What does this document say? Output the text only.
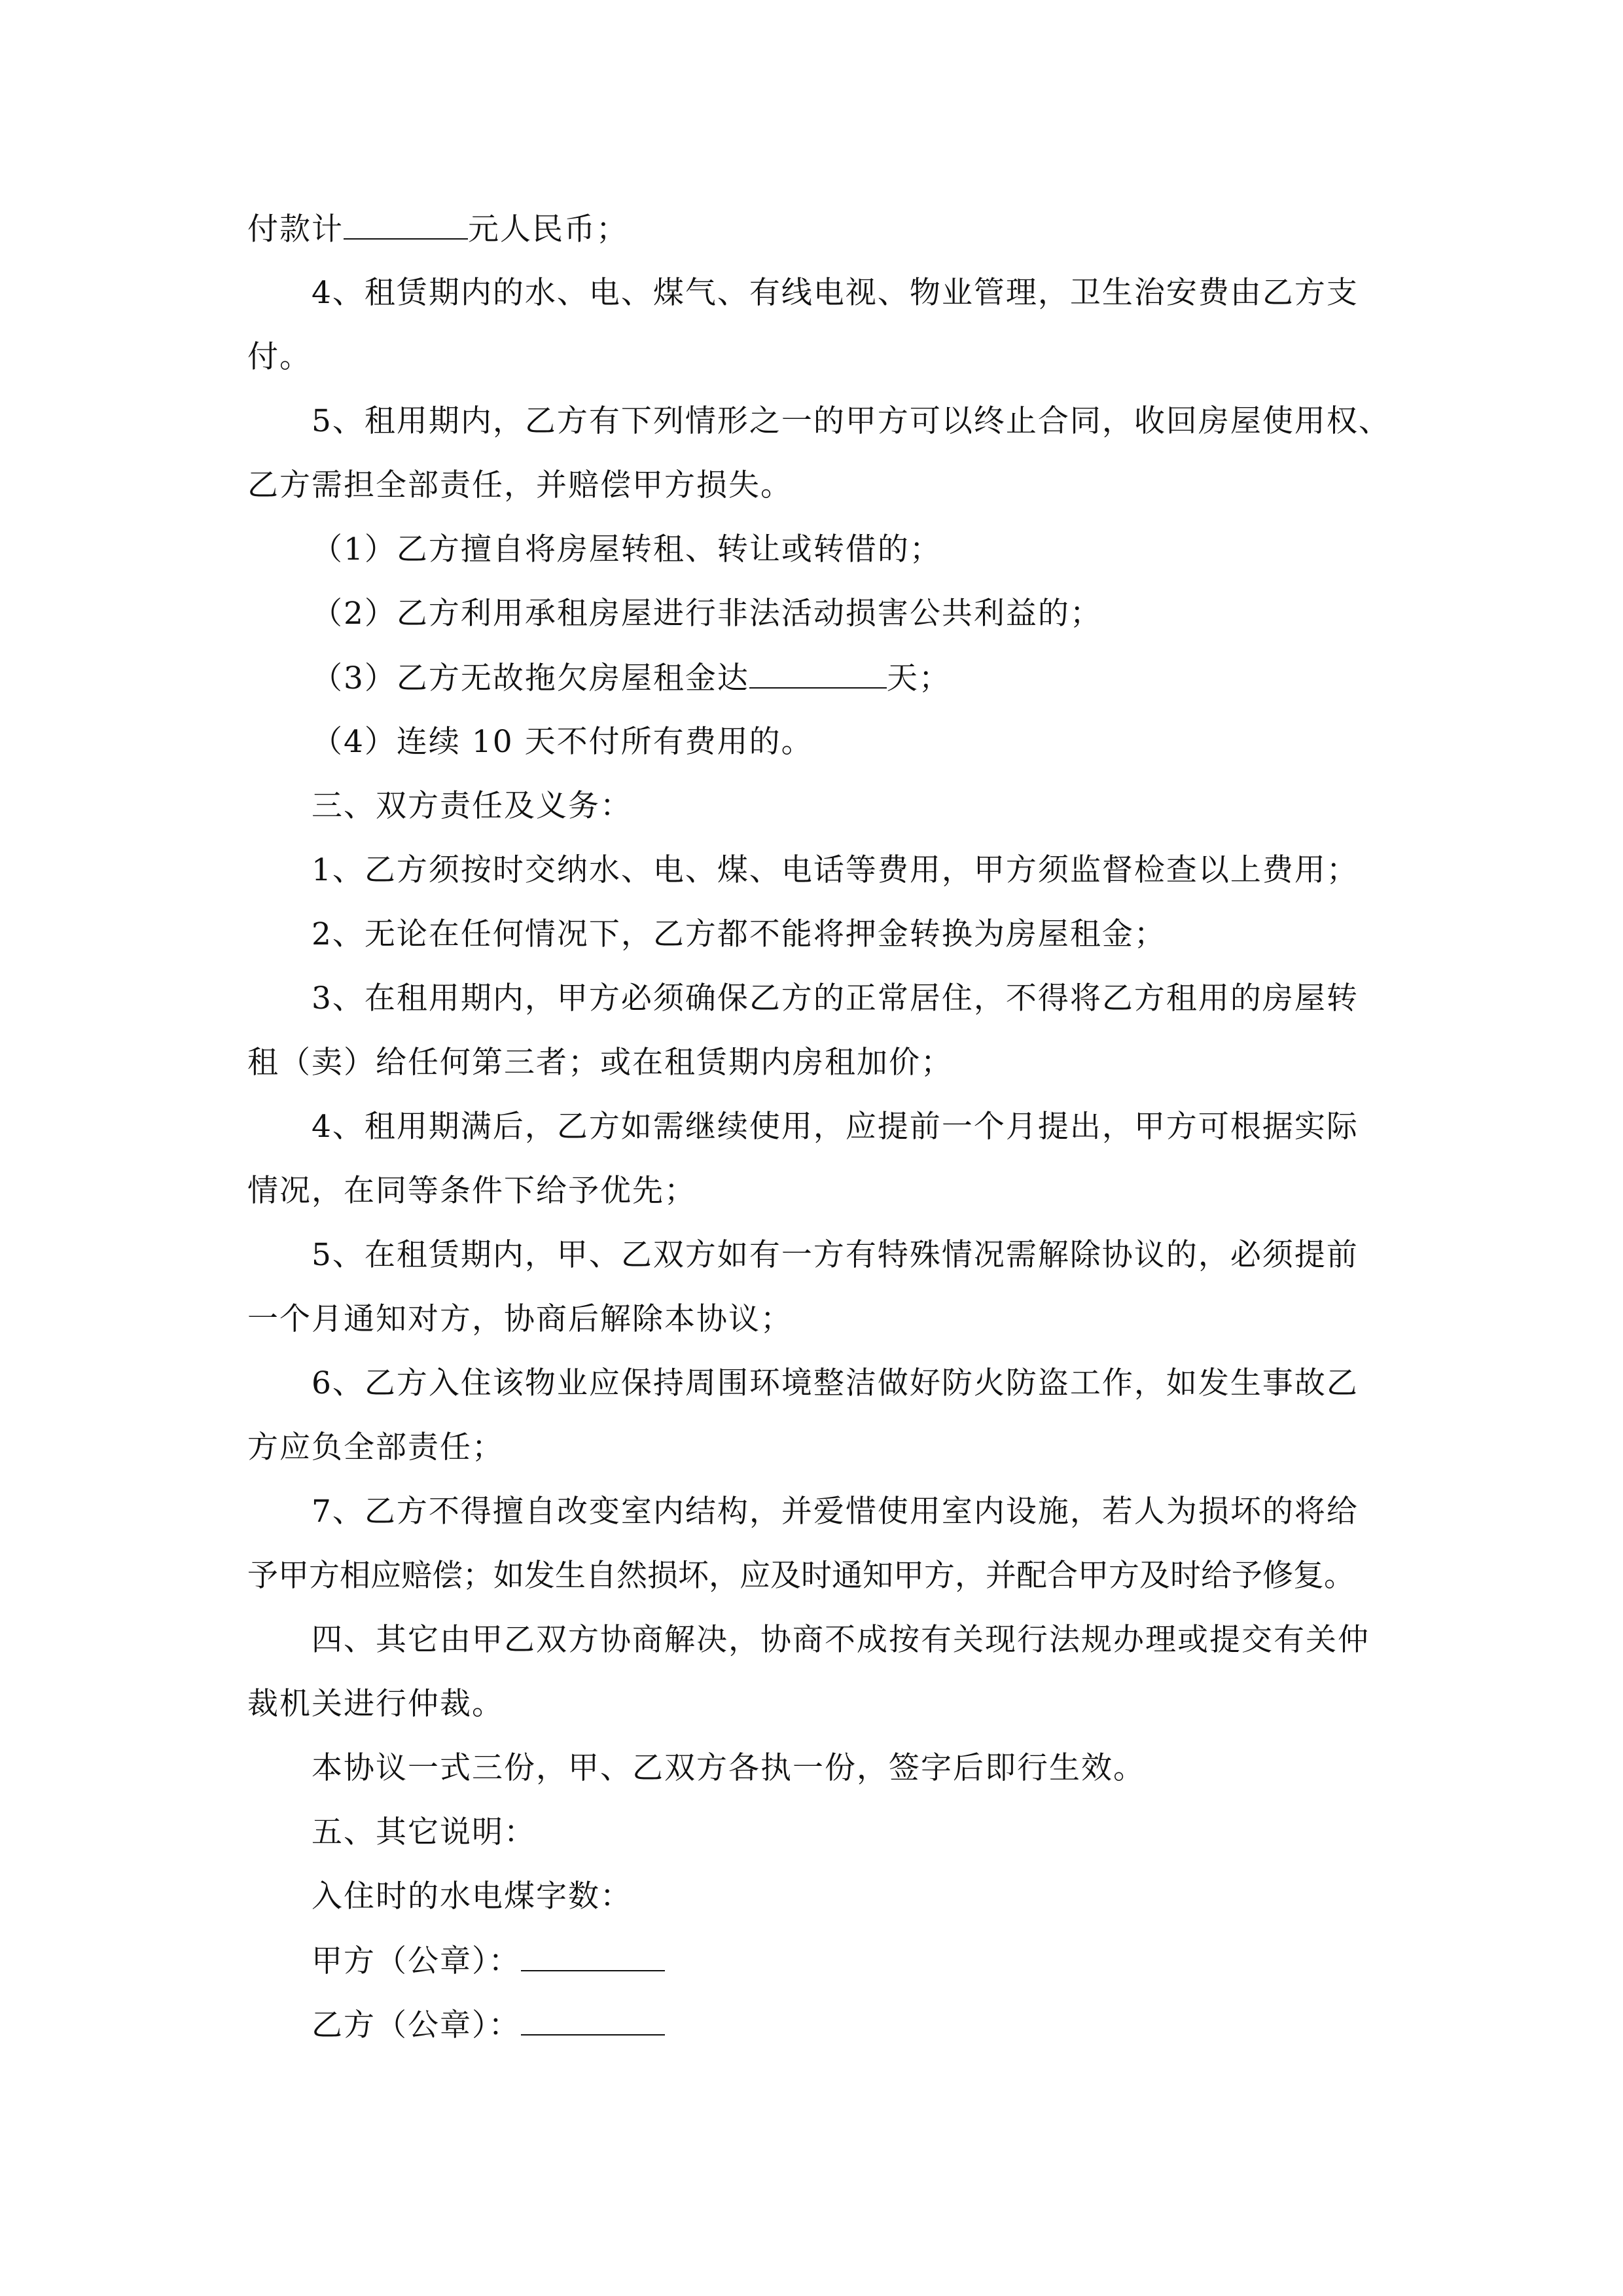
付款计	元人民币；
4、租赁期内的水、电、煤气、有线电视、物业管理，卫生治安费由乙方支
付。
5、租用期内，乙方有下列情形之一的甲方可以终止合同，收回房屋使用权、
乙方需担全部责任，并赔偿甲方损失。
（1）乙方擅自将房屋转租、转让或转借的；
（2）乙方利用承租房屋进行非法活动损害公共利益的；
（3）乙方无故拖欠房屋租金达	天；
（4）连续 10 天不付所有费用的。
三、双方责任及义务：
1、乙方须按时交纳水、电、煤、电话等费用，甲方须监督检查以上费用；
2、无论在任何情况下，乙方都不能将押金转换为房屋租金；
3、在租用期内，甲方必须确保乙方的正常居住，不得将乙方租用的房屋转
租（卖）给任何第三者；或在租赁期内房租加价；
4、租用期满后，乙方如需继续使用，应提前一个月提出，甲方可根据实际
情况，在同等条件下给予优先；
5、在租赁期内，甲、乙双方如有一方有特殊情况需解除协议的，必须提前
一个月通知对方，协商后解除本协议；
6、乙方入住该物业应保持周围环境整洁做好防火防盗工作，如发生事故乙
方应负全部责任；
7、乙方不得擅自改变室内结构，并爱惜使用室内设施，若人为损坏的将给
予甲方相应赔偿；如发生自然损坏，应及时通知甲方，并配合甲方及时给予修复。
四、其它由甲乙双方协商解决，协商不成按有关现行法规办理或提交有关仲
裁机关进行仲裁。
本协议一式三份，甲、乙双方各执一份，签字后即行生效。
五、其它说明：
入住时的水电煤字数：
甲方（公章）：
乙方（公章）：
